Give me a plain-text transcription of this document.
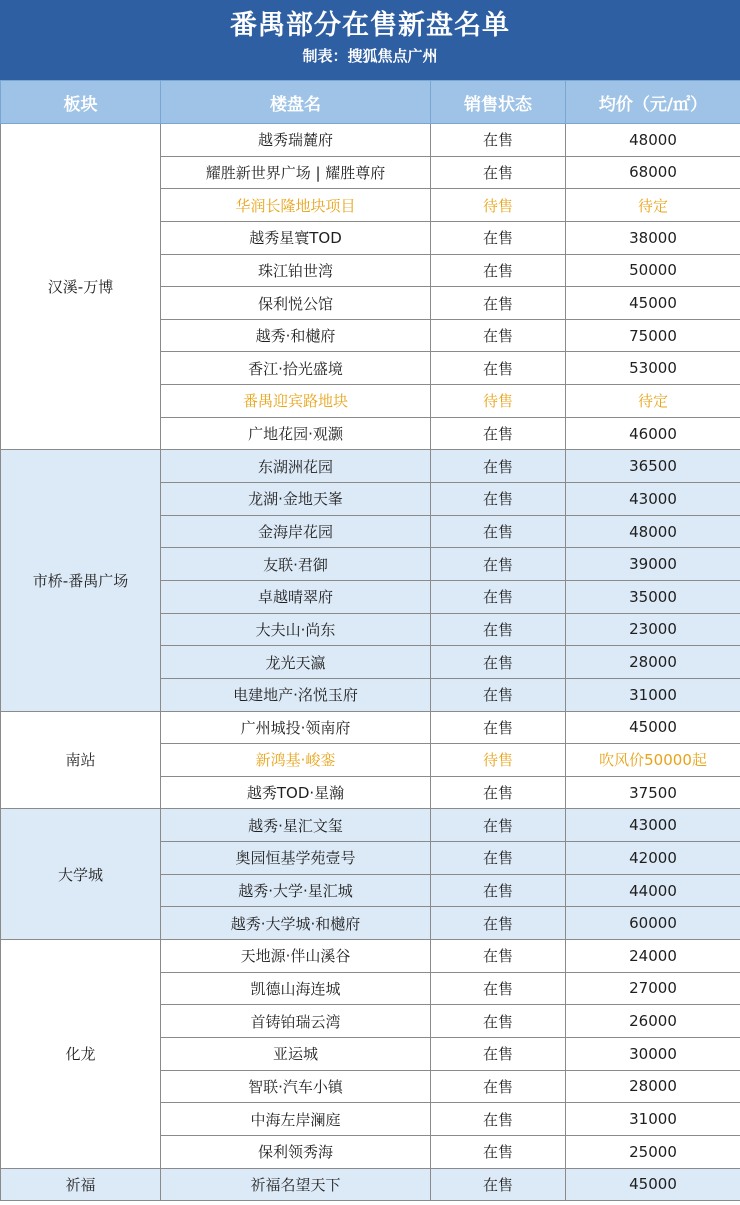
番禺部分在售新盘名单
制表：搜狐焦点广州
板块	楼盘名	销售状态	均价（元/㎡）
汉溪-万博	越秀瑞麓府	在售	48000
	耀胜新世界广场 | 耀胜尊府	在售	68000
	华润长隆地块项目	待售	待定
	越秀星寰TOD	在售	38000
	珠江铂世湾	在售	50000
	保利悦公馆	在售	45000
	越秀·和樾府	在售	75000
	香江·拾光盛境	在售	53000
	番禺迎宾路地块	待售	待定
	广地花园·观灏	在售	46000
市桥-番禺广场	东湖洲花园	在售	36500
	龙湖·金地天峯	在售	43000
	金海岸花园	在售	48000
	友联·君御	在售	39000
	卓越晴翠府	在售	35000
	大夫山·尚东	在售	23000
	龙光天瀛	在售	28000
	电建地产·洺悦玉府	在售	31000
南站	广州城投·领南府	在售	45000
	新鸿基·峻銮	待售	吹风价50000起
	越秀TOD·星瀚	在售	37500
大学城	越秀·星汇文玺	在售	43000
	奥园恒基学苑壹号	在售	42000
	越秀·大学·星汇城	在售	44000
	越秀·大学城·和樾府	在售	60000
化龙	天地源·伴山溪谷	在售	24000
	凯德山海连城	在售	27000
	首铸铂瑞云湾	在售	26000
	亚运城	在售	30000
	智联·汽车小镇	在售	28000
	中海左岸澜庭	在售	31000
	保利领秀海	在售	25000
祈福	祈福名望天下	在售	45000
